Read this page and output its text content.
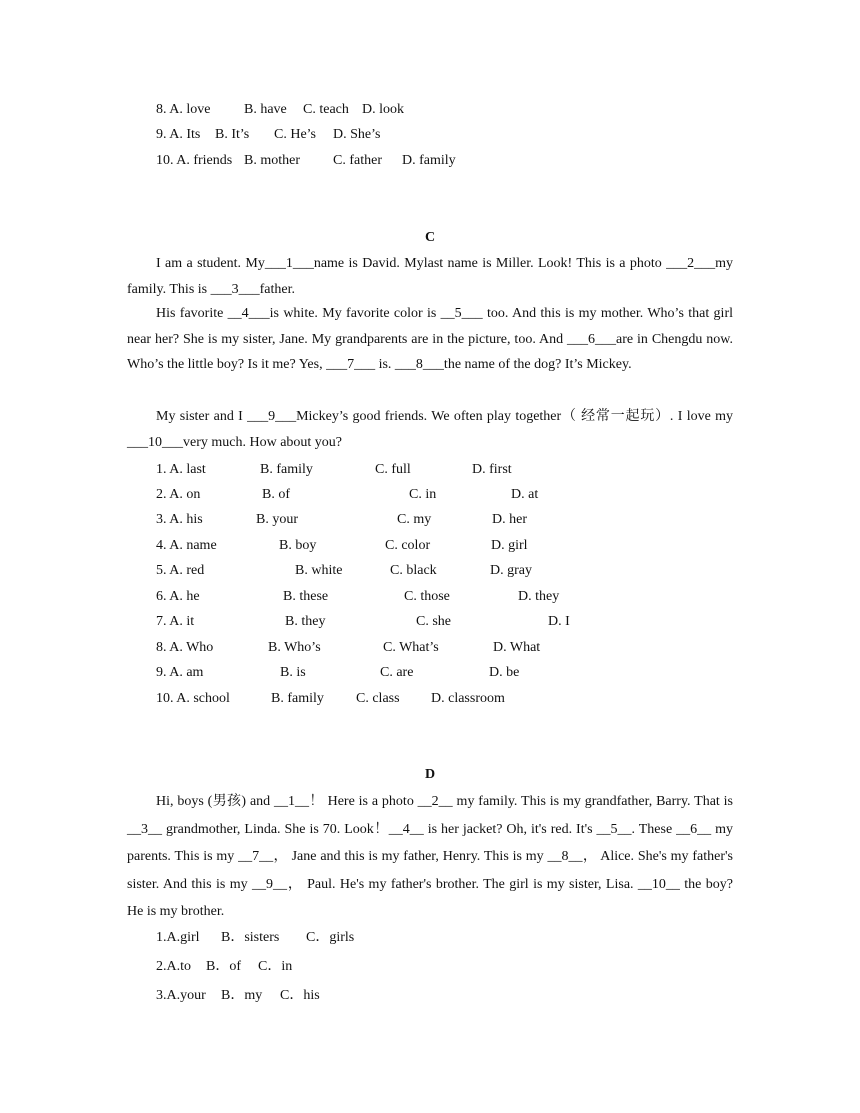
8. A. love B. have C. teach D. look
9. A. Its B. It’s C. He’s D. She’s
10. A. friends B. mother C. father D. family
C

I am a student. My___1___name is David. Mylast name is Miller. Look! This is a photo ___2___my family. This is ___3___father.

His favorite __4___is white. My favorite color is __5___ too. And this is my mother. Who’s that girl near her? She is my sister, Jane. My grandparents are in the picture, too. And ___6___are in Chengdu now. Who’s the little boy? Is it me? Yes, ___7___ is. ___8___the name of the dog? It’s Mickey.

My sister and I ___9___Mickey’s good friends. We often play together（ 经常一起玩）. I love my ___10___very much. How about you?

1. A. last	B. family	C. full	D. first
2. A. on	B. of	C. in	D. at
3. A. his	B. your	C. my	D. her
4. A. name	B. boy	C. color	D. girl
5. A. red	B. white	C. black	D. gray
6. A. he	B. these	C. those	D. they
7. A. it	B. they	C. she	D. I
8. A. Who	B. Who’s	C. What’s	D. What
9. A. am	B. is	C. are	D. be
10. A. school	B. family C. class D. classroom
D

Hi, boys (男孩) and __1__！ Here is a photo __2__ my family. This is my grandfather, Barry. That is __3__ grandmother, Linda. She is 70. Look！__4__ is her jacket? Oh, it's red. It's __5__. These __6__ my parents. This is my __7__， Jane and this is my father, Henry. This is my __8__， Alice. She's my father's sister. And this is my __9__， Paul. He's my father's brother. The girl is my sister, Lisa. __10__ the boy? He is my brother.

1.A.girl B．sisters C．girls
2.A.to B．of C．in
3.A.your B．my C．his
